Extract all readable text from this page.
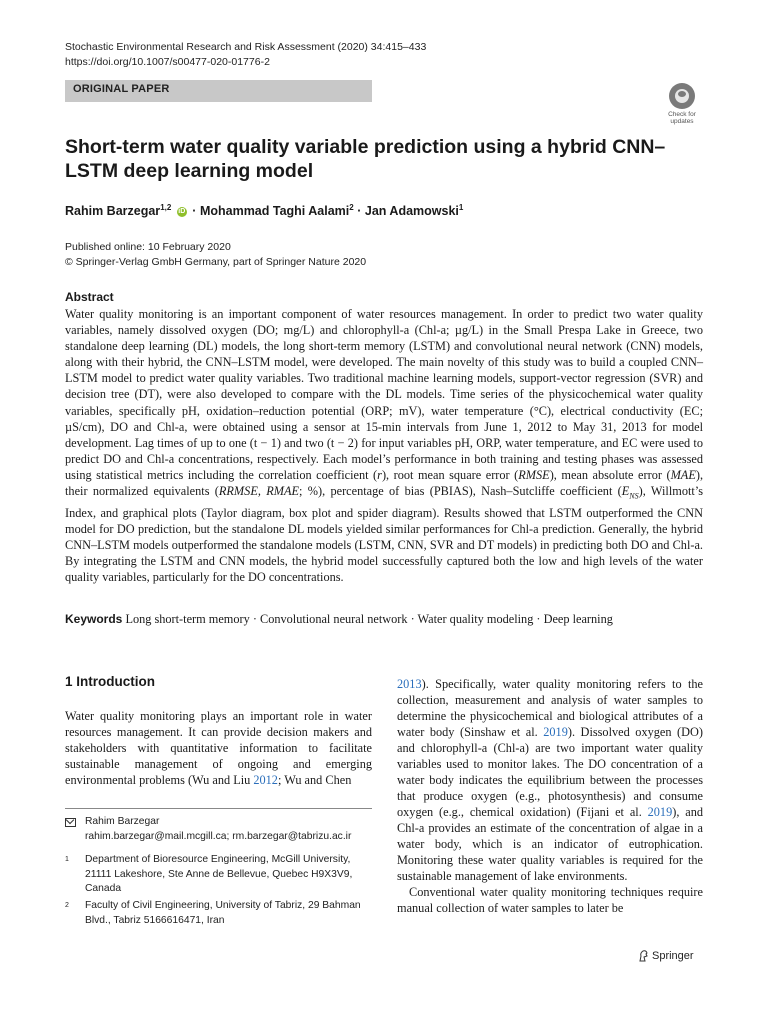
Stochastic Environmental Research and Risk Assessment (2020) 34:415–433
https://doi.org/10.1007/s00477-020-01776-2
ORIGINAL PAPER
Check for
updates
Short-term water quality variable prediction using a hybrid CNN–LSTM deep learning model
Rahim Barzegar$^{1,2}$ iD · Mohammad Taghi Aalami$^2$ · Jan Adamowski$^1$
Published online: 10 February 2020
© Springer-Verlag GmbH Germany, part of Springer Nature 2020
Abstract
Water quality monitoring is an important component of water resources management. In order to predict two water quality variables, namely dissolved oxygen (DO; mg/L) and chlorophyll-a (Chl-a; µg/L) in the Small Prespa Lake in Greece, two standalone deep learning (DL) models, the long short-term memory (LSTM) and convolutional neural network (CNN) models, along with their hybrid, the CNN–LSTM model, were developed. The main novelty of this study was to build a coupled CNN–LSTM model to predict water quality variables. Two traditional machine learning models, support-vector regression (SVR) and decision tree (DT), were also developed to compare with the DL models. Time series of the physicochemical water quality variables, specifically pH, oxidation–reduction potential (ORP; mV), water temperature (°C), electrical conductivity (EC; µS/cm), DO and Chl-a, were obtained using a sensor at 15-min intervals from June 1, 2012 to May 31, 2013 for model development. Lag times of up to one (t − 1) and two (t − 2) for input variables pH, ORP, water temperature, and EC were used to predict DO and Chl-a concentrations, respectively. Each model’s performance in both training and testing phases was assessed using statistical metrics including the correlation coefficient (r), root mean square error (RMSE), mean absolute error (MAE), their normalized equivalents (RRMSE, RMAE; %), percentage of bias (PBIAS), Nash–Sutcliffe coefficient $(E_{NS})$, Willmott’s Index, and graphical plots (Taylor diagram, box plot and spider diagram). Results showed that LSTM outperformed the CNN model for DO prediction, but the standalone DL models yielded similar performances for Chl-a prediction. Generally, the hybrid CNN–LSTM models outperformed the standalone models (LSTM, CNN, SVR and DT models) in predicting both DO and Chl-a. By integrating the LSTM and CNN models, the hybrid model successfully captured both the low and high levels of the water quality variables, particularly for the DO concentrations.
Keywords Long short-term memory · Convolutional neural network · Water quality modeling · Deep learning
1 Introduction
Water quality monitoring plays an important role in water resources management. It can provide decision makers and stakeholders with quantitative information to facilitate sustainable management of ongoing and emerging environmental problems (Wu and Liu 2012; Wu and Chen

2013). Specifically, water quality monitoring refers to the collection, measurement and analysis of water samples to determine the physicochemical and biological attributes of a water body (Sinshaw et al. 2019). Dissolved oxygen (DO) and chlorophyll-a (Chl-a) are two important water quality variables used to monitor lakes. The DO concentration of a water body indicates the equilibrium between the processes that produce oxygen (e.g., photosynthesis) and consume oxygen (e.g., chemical oxidation) (Fijani et al. 2019), and Chl-a provides an estimate of the concentration of algae in a water body, which is an indicator of eutrophication. Monitoring these water quality variables is required for the sustainable management of lake environments.

Conventional water quality monitoring techniques require manual collection of water samples to later be

Rahim Barzegar
rahim.barzegar@mail.mcgill.ca; rm.barzegar@tabrizu.ac.ir
1 Department of Bioresource Engineering, McGill University, 21111 Lakeshore, Ste Anne de Bellevue, Quebec H9X3V9, Canada
2 Faculty of Civil Engineering, University of Tabriz, 29 Bahman Blvd., Tabriz 5166616471, Iran
Springer
